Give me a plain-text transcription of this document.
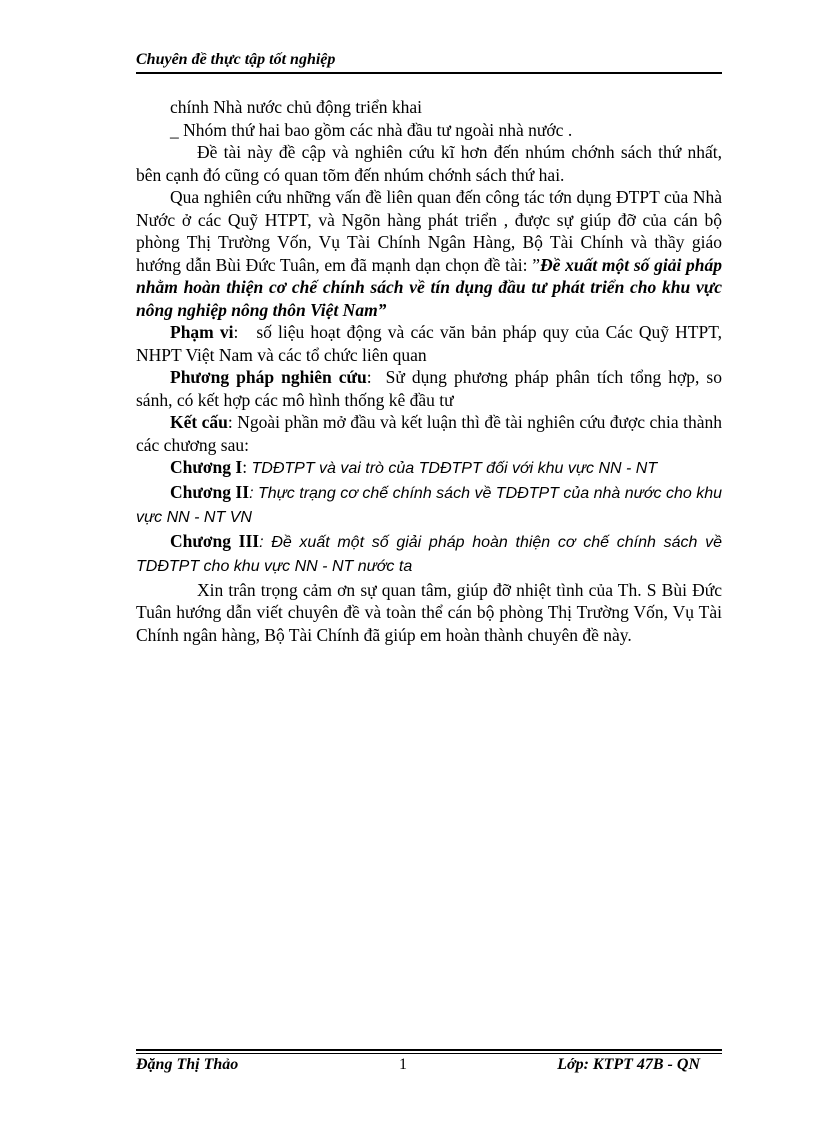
Chuyên đề thực tập tốt nghiệp

chính Nhà nước chủ động triển khai

_ Nhóm thứ hai bao gồm các nhà đầu tư ngoài nhà nước .

Đề tài này đề cập và nghiên cứu kĩ hơn đến nhúm chớnh sách thứ nhất, bên cạnh đó cũng có quan tõm đến nhúm chớnh sách thứ hai.

Qua nghiên cứu những vấn đề liên quan đến công tác tớn dụng ĐTPT của Nhà Nước ở các Quỹ HTPT, và Ngõn hàng phát triển , được sự giúp đỡ của cán bộ phòng Thị Trường Vốn, Vụ Tài Chính Ngân Hàng, Bộ Tài Chính và thầy giáo hướng dẫn Bùi Đức Tuân, em đã mạnh dạn chọn đề tài: ”Đề xuất một số giải pháp nhằm hoàn thiện cơ chế chính sách về tín dụng đầu tư phát triển cho khu vực nông nghiệp nông thôn Việt Nam”

Phạm vi: số liệu hoạt động và các văn bản pháp quy của Các Quỹ HTPT, NHPT Việt Nam và các tổ chức liên quan

Phương pháp nghiên cứu:  Sử dụng phương pháp phân tích tổng hợp, so sánh, có kết hợp các mô hình thống kê đầu tư

Kết cấu: Ngoài phần mở đầu và kết luận thì đề tài nghiên cứu được chia thành các chương sau:

Chương I: TDĐTPT và vai trò của TDĐTPT đối với khu vực NN - NT

Chương II: Thực trạng cơ chế chính sách về TDĐTPT của nhà nước cho khu vực NN - NT VN

Chương III: Đề xuất một số giải pháp hoàn thiện cơ chế chính sách về TDĐTPT cho khu vực NN - NT nước ta

Xin trân trọng cảm ơn sự quan tâm, giúp đỡ nhiệt tình của Th. S Bùi Đức Tuân hướng dẫn viết chuyên đề và toàn thể cán bộ phòng Thị Trường Vốn, Vụ Tài Chính ngân hàng, Bộ Tài Chính đã giúp em hoàn thành chuyên đề này.

Đặng Thị Thảo	1	Lớp: KTPT 47B - QN
